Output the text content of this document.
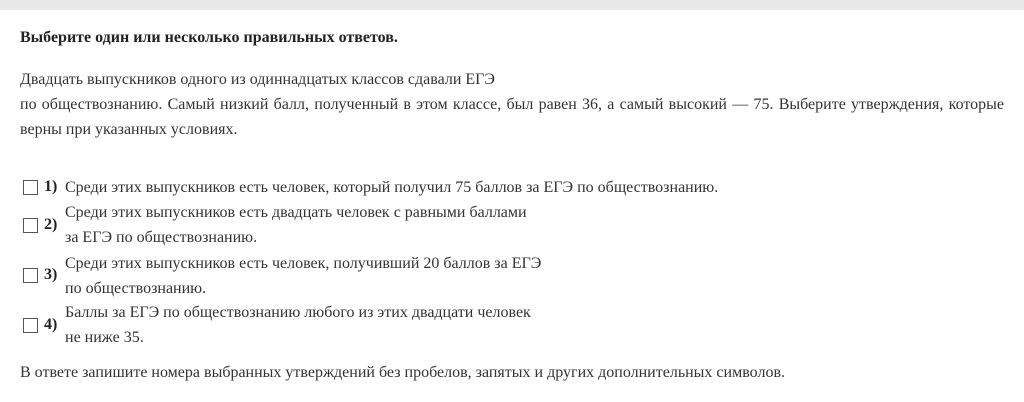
Выберите один или несколько правильных ответов.

Двадцать выпускников одного из одиннадцатых классов сдавали ЕГЭ
по обществознанию. Самый низкий балл, полученный в этом классе, был равен 36, а самый высокий — 75. Выберите утверждения, которые верны при указанных условиях.
1) Среди этих выпускников есть человек, который получил 75 баллов за ЕГЭ по обществознанию.
2)
Среди этих выпускников есть двадцать человек с равными баллами
за ЕГЭ по обществознанию.
3)
Среди этих выпускников есть человек, получивший 20 баллов за ЕГЭ
по обществознанию.
4)
Баллы за ЕГЭ по обществознанию любого из этих двадцати человек
не ниже 35.
В ответе запишите номера выбранных утверждений без пробелов, запятых и других дополнительных символов.
